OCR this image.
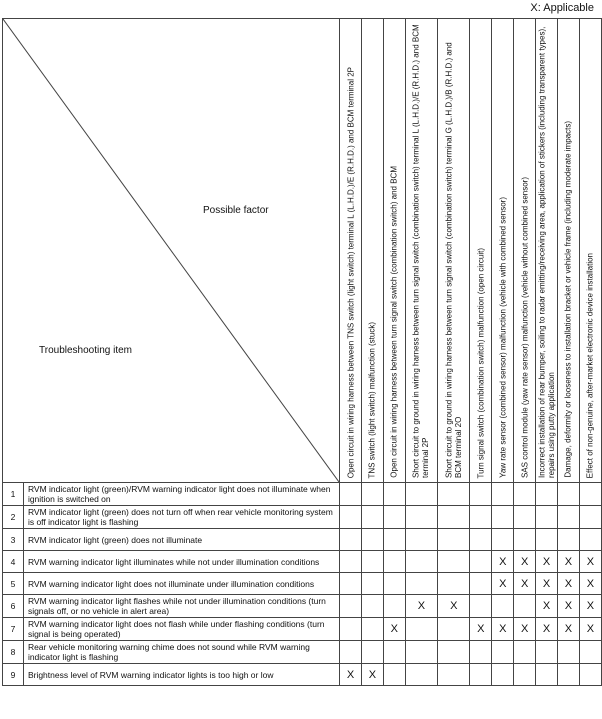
X: Applicable
Possible factor
Troubleshooting item		Open circuit in wiring harness between TNS switch (light switch) terminal L (L.H.D.)/E (R.H.D.) and BCM terminal 2P	TNS switch (light switch) malfunction (stuck)	Open circuit in wiring harness between turn signal switch (combination switch) and BCM	Short circuit to ground in wiring harness between turn signal switch (combination switch) terminal L (L.H.D.)/E (R.H.D.) and BCM terminal 2P	Short circuit to ground in wiring harness between turn signal switch (combination switch) terminal G (L.H.D.)/B (R.H.D.) and BCM terminal 2O	Turn signal switch (combination switch) malfunction (open circuit)	Yaw rate sensor (combined sensor) malfunction (vehicle with combined sensor)	SAS control module (yaw rate sensor) malfunction (vehicle without combined sensor)	Incorrect installation of rear bumper, soiling to radar emitting/receiving area, application of stickers (including transparent types), repairs using putty application	Damage, deformity or looseness to installation bracket or vehicle frame (including moderate impacts)	Effect of non-genuine, after-market electronic device installation

1	RVM indicator light (green)/RVM warning indicator light does not illuminate when ignition is switched on											
2	RVM indicator light (green) does not turn off when rear vehicle monitoring system is off indicator light is flashing											
3	RVM indicator light (green) does not illuminate											
4	RVM warning indicator light illuminates while not under illumination conditions							X	X	X	X	X
5	RVM warning indicator light does not illuminate under illumination conditions							X	X	X	X	X
6	RVM warning indicator light flashes while not under illumination conditions (turn signals off, or no vehicle in alert area)				X	X				X	X	X
7	RVM warning indicator light does not flash while under flashing conditions (turn signal is being operated)			X			X	X	X	X	X	X
8	Rear vehicle monitoring warning chime does not sound while RVM warning indicator light is flashing											
9	Brightness level of RVM warning indicator lights is too high or low	X	X									
